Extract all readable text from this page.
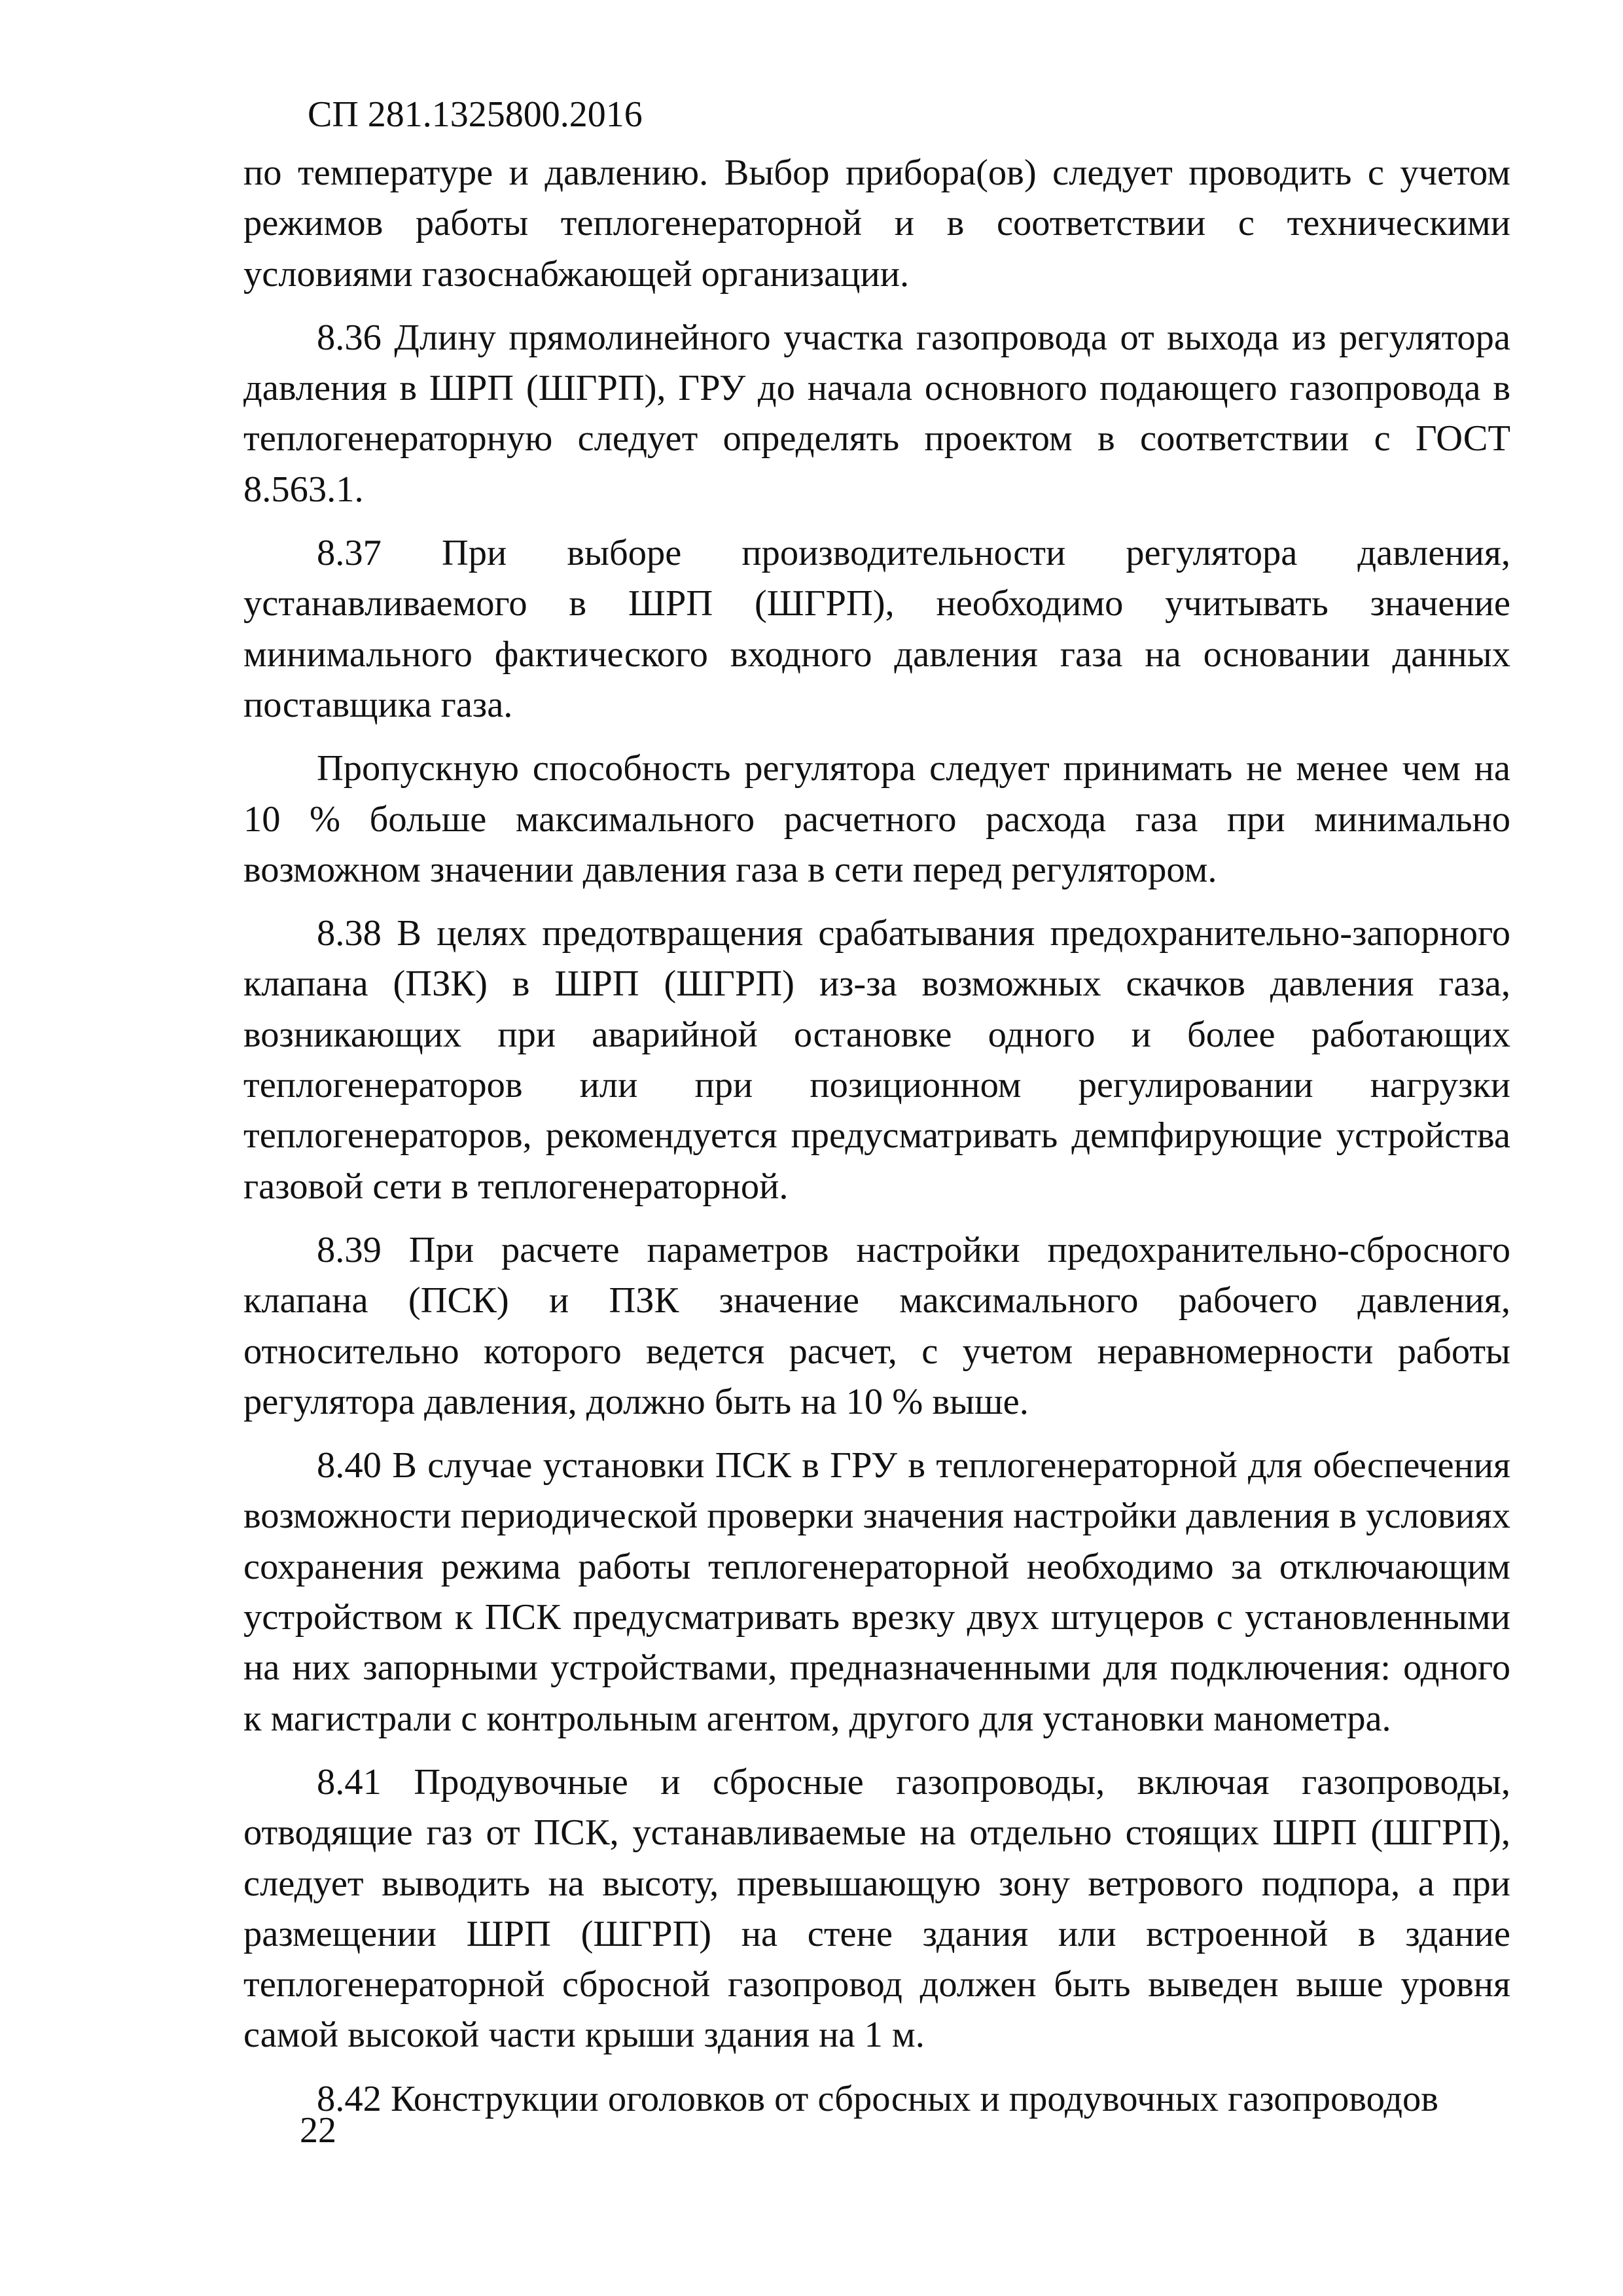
СП 281.1325800.2016

по температуре и давлению. Выбор прибора(ов) следует проводить с учетом режимов работы теплогенераторной и в соответствии с техническими условиями газоснабжающей организации.

8.36 Длину прямолинейного участка газопровода от выхода из регулятора давления в ШРП (ШГРП), ГРУ до начала основного подающего газопровода в теплогенераторную следует определять проектом в соответствии с ГОСТ 8.563.1.

8.37 При выборе производительности регулятора давления, устанавливаемого в ШРП (ШГРП), необходимо учитывать значение минимального фактического входного давления газа на основании данных поставщика газа.

Пропускную способность регулятора следует принимать не менее чем на 10 % больше максимального расчетного расхода газа при минимально возможном значении давления газа в сети перед регулятором.

8.38 В целях предотвращения срабатывания предохранительно-запорного клапана (ПЗК) в ШРП (ШГРП) из-за возможных скачков давления газа, возникающих при аварийной остановке одного и более работающих теплогенераторов или при позиционном регулировании нагрузки теплогенераторов, рекомендуется предусматривать демпфирующие устройства газовой сети в теплогенераторной.

8.39 При расчете параметров настройки предохранительно-сбросного клапана (ПСК) и ПЗК значение максимального рабочего давления, относительно которого ведется расчет, с учетом неравномерности работы регулятора давления, должно быть на 10 % выше.

8.40 В случае установки ПСК в ГРУ в теплогенераторной для обеспечения возможности периодической проверки значения настройки давления в условиях сохранения режима работы теплогенераторной необходимо за отключающим устройством к ПСК предусматривать врезку двух штуцеров с установленными на них запорными устройствами, предназначенными для подключения: одного к магистрали с контрольным агентом, другого для установки манометра.

8.41 Продувочные и сбросные газопроводы, включая газопроводы, отводящие газ от ПСК, устанавливаемые на отдельно стоящих ШРП (ШГРП), следует выводить на высоту, превышающую зону ветрового подпора, а при размещении ШРП (ШГРП) на стене здания или встроенной в здание теплогенераторной сбросной газопровод должен быть выведен выше уровня самой высокой части крыши здания на 1 м.

8.42 Конструкции оголовков от сбросных и продувочных газопроводов

22
